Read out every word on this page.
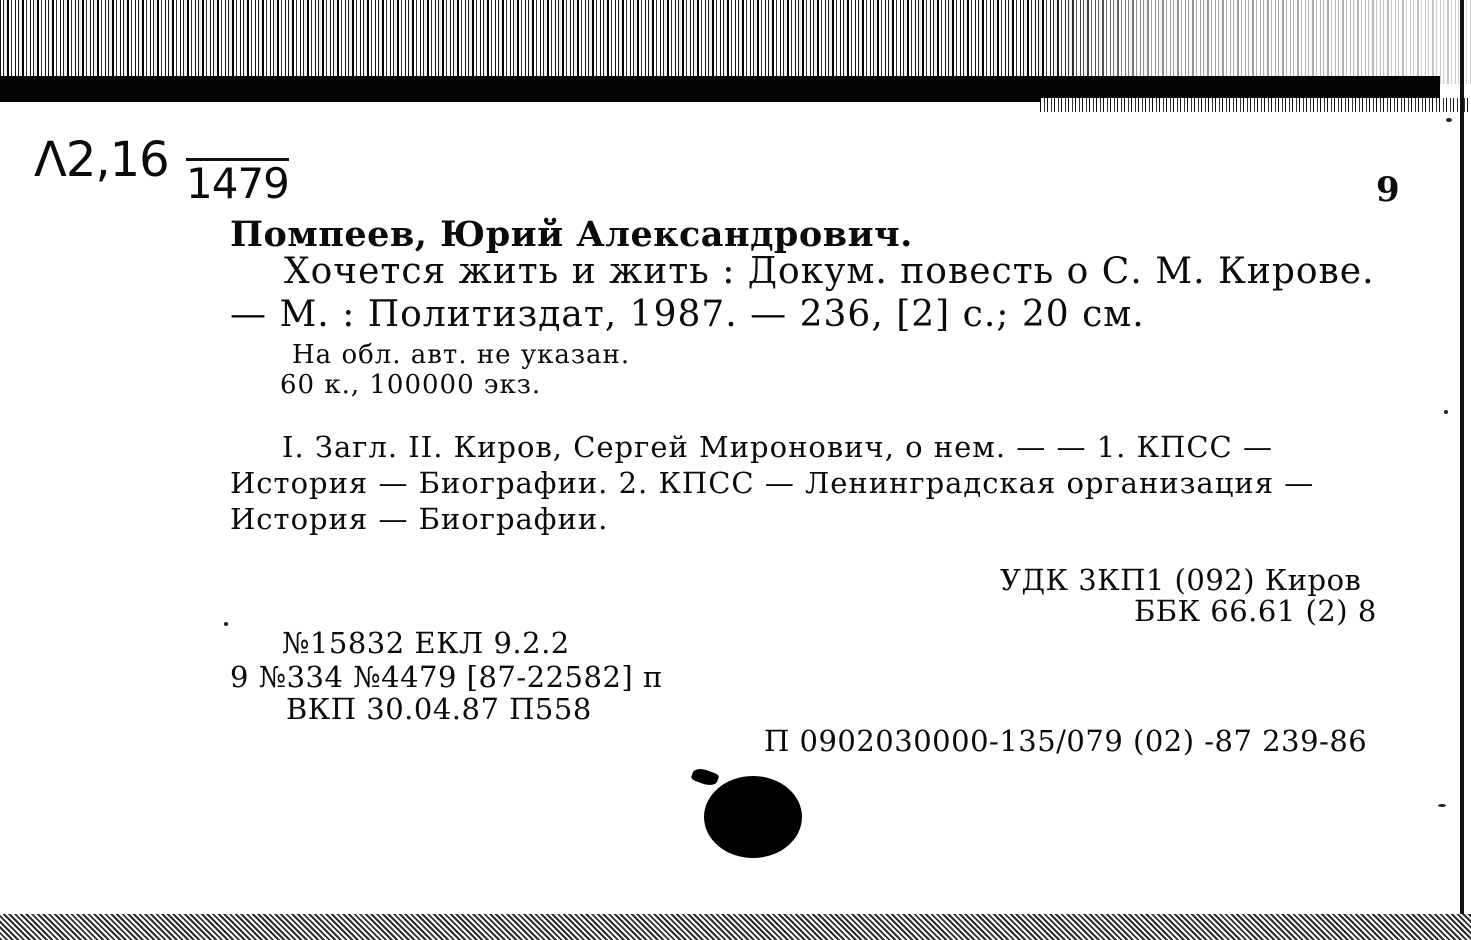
Λ2,16 1479	9
Помпеев, Юрий Александрович.
Хочется жить и жить : Докум. повесть о С. М. Кирове.
— М. : Политиздат, 1987. — 236, [2] с.; 20 см.
На обл. авт. не указан.
60 к., 100000 экз.
I. Загл. II. Киров, Сергей Миронович, о нем. — — 1. КПСС —
История — Биографии. 2. КПСС — Ленинградская организация —
История — Биографии.
УДК 3КП1 (092) Киров
ББК 66.61 (2) 8
№15832 ЕКЛ 9.2.2
9 №334 №4479 [87-22582] п
ВКП 30.04.87 П558
П 0902030000-135/079 (02) -87 239-86
